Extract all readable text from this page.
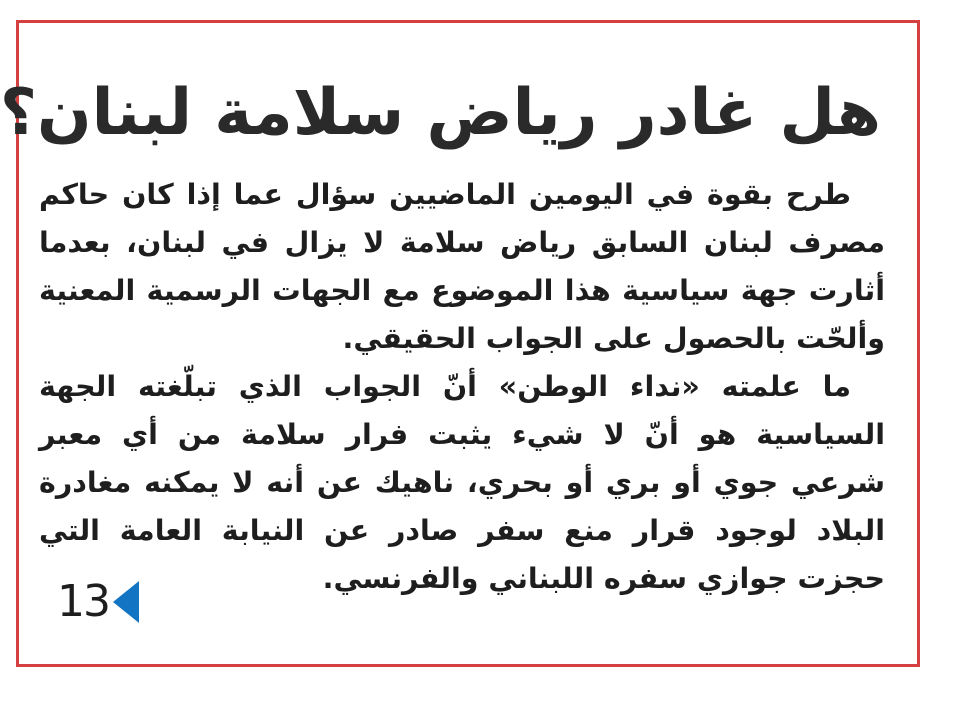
هل غادر رياض سلامة لبنان؟

طرح بقوة في اليومين الماضيين سؤال عما إذا كان حاكم مصرف لبنان السابق رياض سلامة لا يزال في لبنان، بعدما أثارت جهة سياسية هذا الموضوع مع الجهات الرسمية المعنية وألحّت بالحصول على الجواب الحقيقي.

ما علمته «نداء الوطن» أنّ الجواب الذي تبلّغته الجهة السياسية هو أنّ لا شيء يثبت فرار سلامة من أي معبر شرعي جوي أو بري أو بحري، ناهيك عن أنه لا يمكنه مغادرة البلاد لوجود قرار منع سفر صادر عن النيابة العامة التي حجزت جوازي سفره اللبناني والفرنسي.

13
